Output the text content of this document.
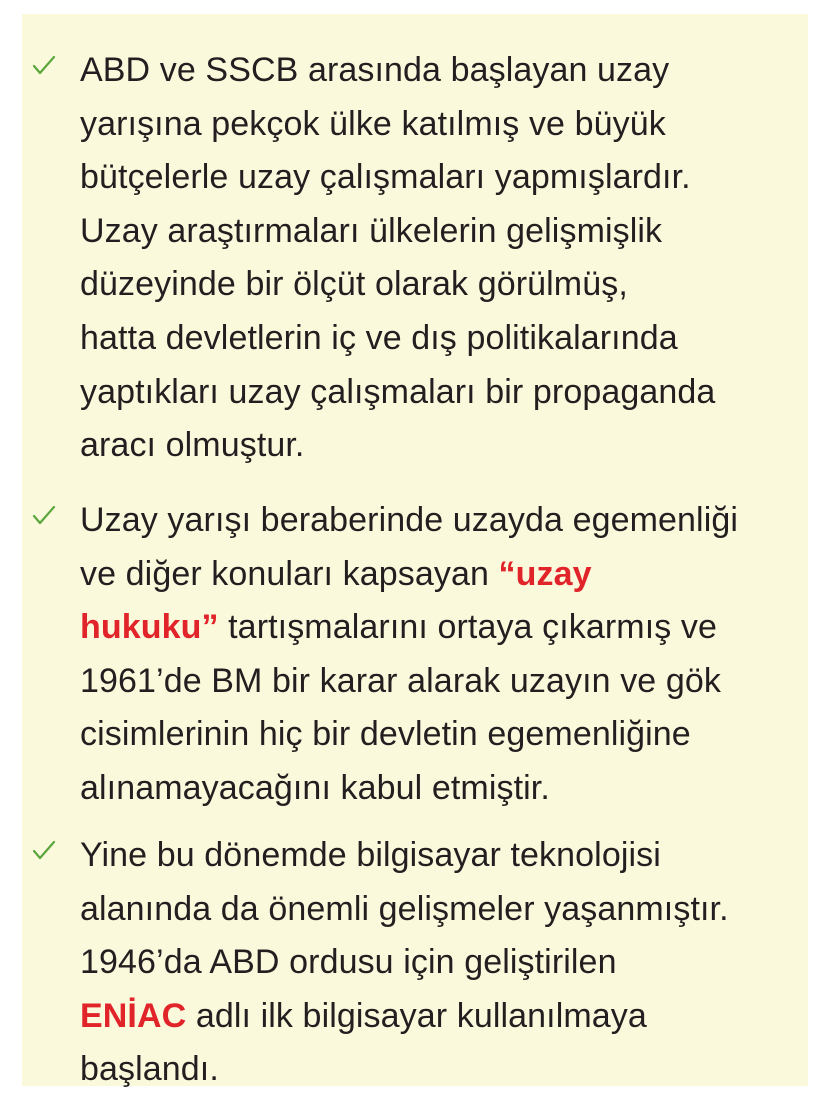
ABD ve SSCB arasında başlayan uzay
yarışına pekçok ülke katılmış ve büyük
bütçelerle uzay çalışmaları yapmışlardır.
Uzay araştırmaları ülkelerin gelişmişlik
düzeyinde bir ölçüt olarak görülmüş,
hatta devletlerin iç ve dış politikalarında
yaptıkları uzay çalışmaları bir propaganda
aracı olmuştur.
Uzay yarışı beraberinde uzayda egemenliği
ve diğer konuları kapsayan “uzay
hukuku” tartışmalarını ortaya çıkarmış ve
1961’de BM bir karar alarak uzayın ve gök
cisimlerinin hiç bir devletin egemenliğine
alınamayacağını kabul etmiştir.
Yine bu dönemde bilgisayar teknolojisi
alanında da önemli gelişmeler yaşanmıştır.
1946’da ABD ordusu için geliştirilen
ENİAC adlı ilk bilgisayar kullanılmaya
başlandı.
